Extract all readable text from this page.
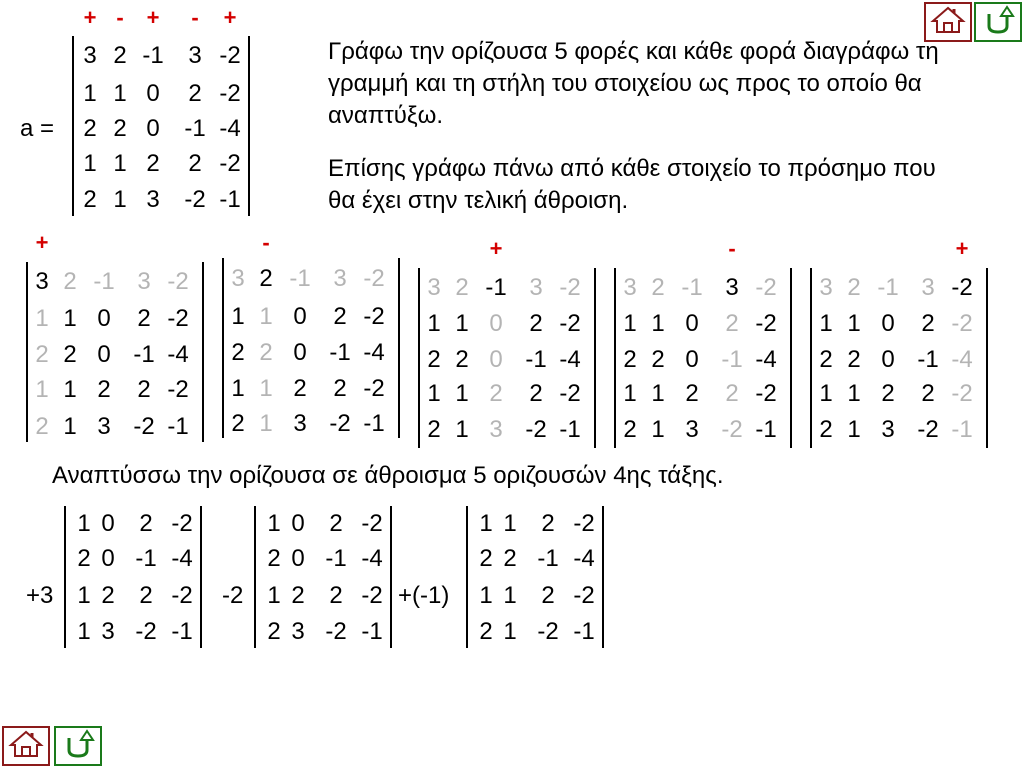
a =
+ - + - +
3 2 -1 3 -2
1 1 0 2 -2
2 2 0 -1 -4
1 1 2 2 -2
2 1 3 -2 -1
Γράφω την ορίζουσα 5 φορές και κάθε φορά διαγράφω τη γραμμή και τη στήλη του στοιχείου ως προς το οποίο θα αναπτύξω.
Επίσης γράφω πάνω από κάθε στοιχείο το πρόσημο που θα έχει στην τελική άθροιση.
+
3 2 -1 3 -2
1 1 0 2 -2
2 2 0 -1 -4
1 1 2 2 -2
2 1 3 -2 -1
-
3 2 -1 3 -2
1 1 0 2 -2
2 2 0 -1 -4
1 1 2 2 -2
2 1 3 -2 -1
+
3 2 -1 3 -2
1 1 0 2 -2
2 2 0 -1 -4
1 1 2 2 -2
2 1 3 -2 -1
-
3 2 -1 3 -2
1 1 0 2 -2
2 2 0 -1 -4
1 1 2 2 -2
2 1 3 -2 -1
+
3 2 -1 3 -2
1 1 0 2 -2
2 2 0 -1 -4
1 1 2 2 -2
2 1 3 -2 -1
Αναπτύσσω την ορίζουσα σε άθροισμα 5 οριζουσών 4ης τάξης.
+3
1 0 2 -2
2 0 -1 -4
1 2 2 -2
1 3 -2 -1
-2
1 0 2 -2
2 0 -1 -4
1 2 2 -2
2 3 -2 -1
+(-1)
1 1 2 -2
2 2 -1 -4
1 1 2 -2
2 1 -2 -1
